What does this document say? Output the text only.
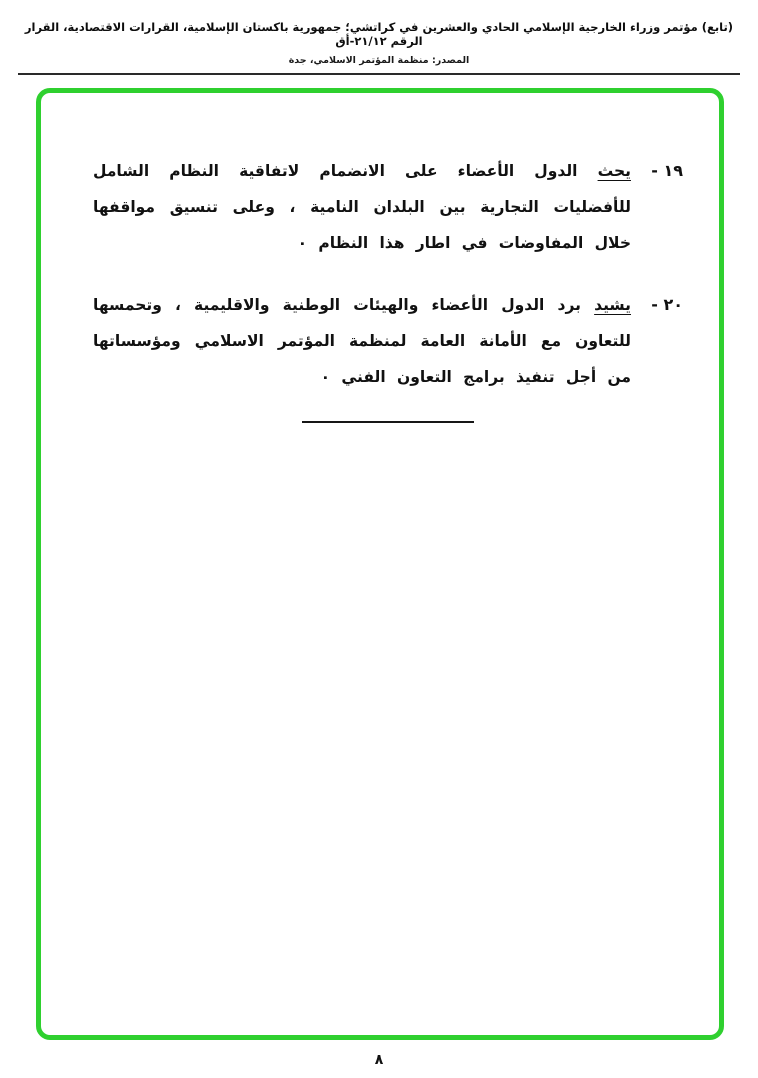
(تابع) مؤتمر وزراء الخارجية الإسلامي الحادي والعشرين في كراتشي؛ جمهورية باكستان الإسلامية، القرارات الاقتصادية، القرار الرقم ٢١/١٢-أق
المصدر: منظمة المؤتمر الاسلامي، جدة
١٩ -

يحث الدول الأعضاء على الانضمام لاتفاقية النظام الشامل للأفضليات التجارية بين البلدان النامية ، وعلى تنسيق مواقفها خلال المفاوضات في اطار هذا النظام ٠

٢٠ -

يشيد برد الدول الأعضاء والهيئات الوطنية والاقليمية ، وتحمسها للتعاون مع الأمانة العامة لمنظمة المؤتمر الاسلامي ومؤسساتها من أجل تنفيذ برامج التعاون الفني ٠

٨
